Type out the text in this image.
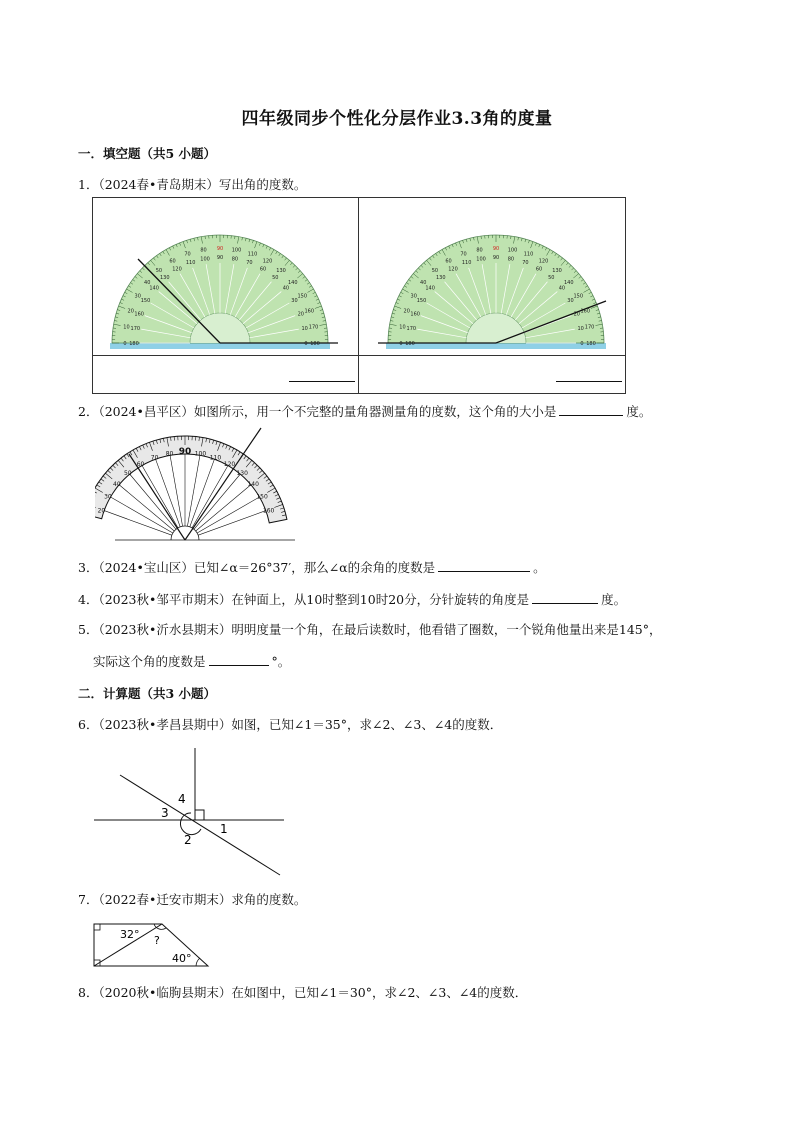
四年级同步个性化分层作业3.3角的度量
一．填空题（共5 小题）
1．（2024春•青岛期末）写出角的度数。
0	0
10	10
20
20
30
30
40
40
50
50
60
60
70
70
80
80
90
90
100
100
110
110	120
120	130
130
140
140
150
150
160
160
170
170
180
180	0	0
10	10
20
20
30
30
40
40
50
50
60
60
70
70
80
80
90
90
100
100
110
110	120
120	130
130
140
140
150
150
160
160
170
170
180
180
2．（2024•昌平区）如图所示，用一个不完整的量角器测量角的度数，这个角的大小是	度。
20
30
40
50
60
70
80 90 100
110
120
130
140
150
160
3．（2024•宝山区）已知∠α＝26°37′，那么∠α的余角的度数是	。
4．（2023秋•邹平市期末）在钟面上，从10时整到10时20分，分针旋转的角度是	度。
5．（2023秋•沂水县期末）明明度量一个角，在最后读数时，他看错了圈数，一个锐角他量出来是145°，
实际这个角的度数是	°。
二．计算题（共3 小题）
6．（2023秋•孝昌县期中）如图，已知∠1＝35°，求∠2、∠3、∠4的度数．
1
2
3
4
7．（2022春•迁安市期末）求角的度数。
32° ?
40°
8．（2020秋•临朐县期末）在如图中，已知∠1＝30°，求∠2、∠3、∠4的度数．
